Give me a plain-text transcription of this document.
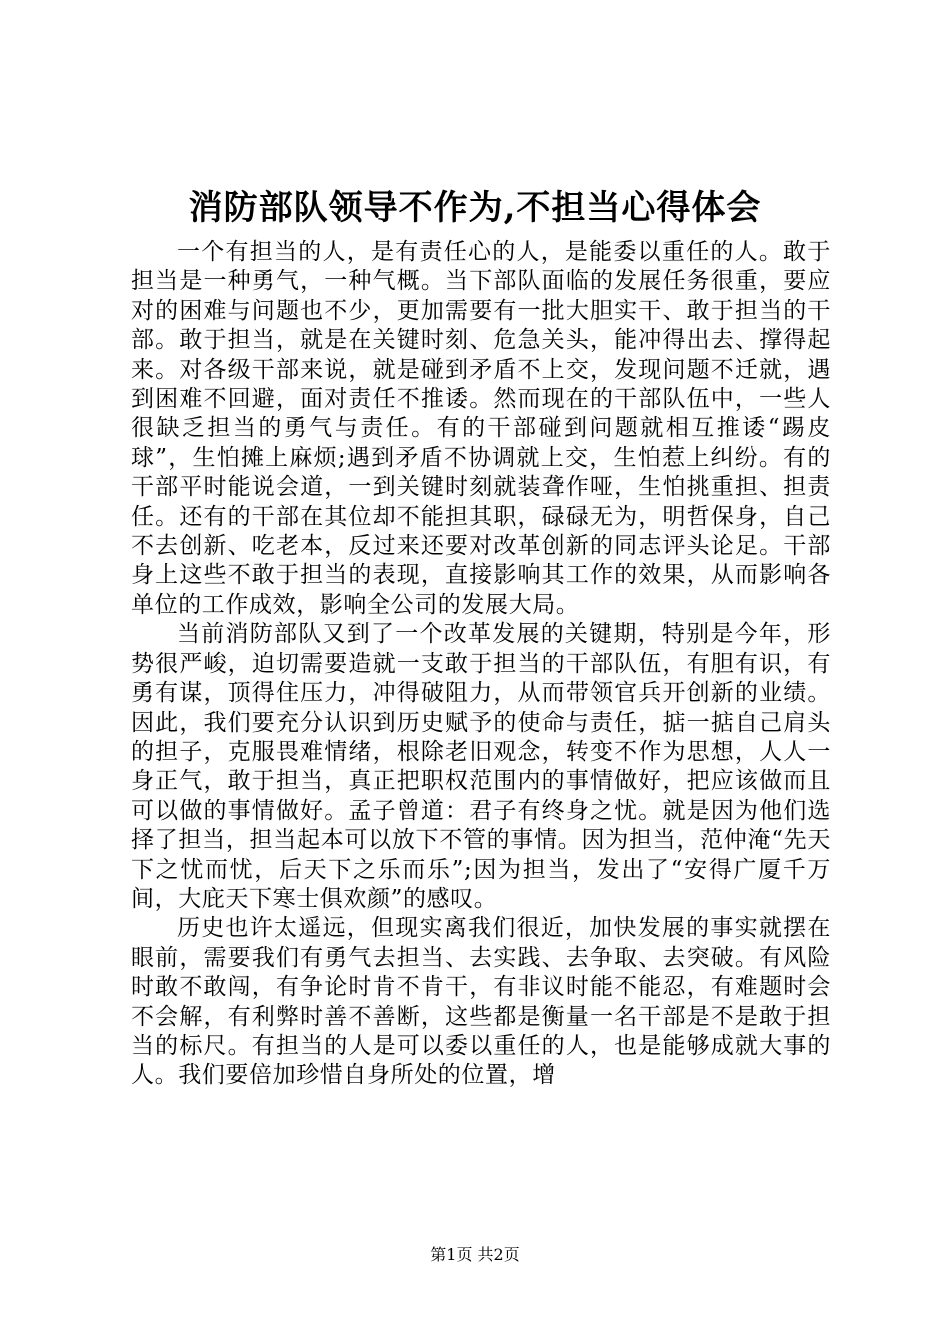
消防部队领导不作为,不担当心得体会

一个有担当的人，是有责任心的人，是能委以重任的人。敢于担当是一种勇气，一种气概。当下部队面临的发展任务很重，要应对的困难与问题也不少，更加需要有一批大胆实干、敢于担当的干部。敢于担当，就是在关键时刻、危急关头，能冲得出去、撑得起来。对各级干部来说，就是碰到矛盾不上交，发现问题不迁就，遇到困难不回避，面对责任不推诿。然而现在的干部队伍中，一些人很缺乏担当的勇气与责任。有的干部碰到问题就相互推诿“踢皮球”，生怕摊上麻烦;遇到矛盾不协调就上交，生怕惹上纠纷。有的干部平时能说会道，一到关键时刻就装聋作哑，生怕挑重担、担责任。还有的干部在其位却不能担其职，碌碌无为，明哲保身，自己不去创新、吃老本，反过来还要对改革创新的同志评头论足。干部身上这些不敢于担当的表现，直接影响其工作的效果，从而影响各单位的工作成效，影响全公司的发展大局。

当前消防部队又到了一个改革发展的关键期，特别是今年，形势很严峻，迫切需要造就一支敢于担当的干部队伍，有胆有识，有勇有谋，顶得住压力，冲得破阻力，从而带领官兵开创新的业绩。因此，我们要充分认识到历史赋予的使命与责任，掂一掂自己肩头的担子，克服畏难情绪，根除老旧观念，转变不作为思想，人人一身正气，敢于担当，真正把职权范围内的事情做好，把应该做而且可以做的事情做好。孟子曾道：君子有终身之忧。就是因为他们选择了担当，担当起本可以放下不管的事情。因为担当，范仲淹“先天下之忧而忧，后天下之乐而乐”;因为担当，发出了“安得广厦千万间，大庇天下寒士俱欢颜”的感叹。

历史也许太遥远，但现实离我们很近，加快发展的事实就摆在眼前，需要我们有勇气去担当、去实践、去争取、去突破。有风险时敢不敢闯，有争论时肯不肯干，有非议时能不能忍，有难题时会不会解，有利弊时善不善断，这些都是衡量一名干部是不是敢于担当的标尺。有担当的人是可以委以重任的人，也是能够成就大事的人。我们要倍加珍惜自身所处的位置，增

第1页 共2页
